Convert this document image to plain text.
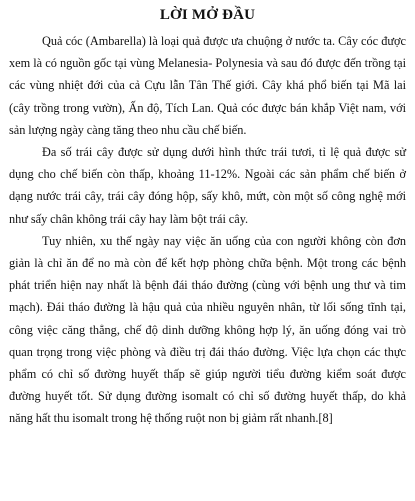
LỜI MỞ ĐẦU

Quả cóc (Ambarella) là loại quả được ưa chuộng ở nước ta. Cây cóc được xem là có nguồn gốc tại vùng Melanesia- Polynesia và sau đó được đến trồng tại các vùng nhiệt đới của cả Cựu lẫn Tân Thế giới. Cây khá phổ biến tại Mã lai (cây trồng trong vườn), Ấn độ, Tích Lan. Quả cóc được bán khắp Việt nam, với sản lượng ngày càng tăng theo nhu cầu chế biến.

Đa số trái cây được sử dụng dưới hình thức trái tươi, tỉ lệ quả được sử dụng cho chế biến còn thấp, khoảng 11-12%. Ngoài các sản phẩm chế biến ở dạng nước trái cây, trái cây đóng hộp, sấy khô, mứt, còn một số công nghệ mới như sấy chân không trái cây hay làm bột trái cây.

Tuy nhiên, xu thế ngày nay việc ăn uống của con người không còn đơn giản là chỉ ăn để no mà còn để kết hợp phòng chữa bệnh. Một trong các bệnh phát triển hiện nay nhất là bệnh đái tháo đường (cùng với bệnh ung thư và tim mạch). Đái tháo đường là hậu quả của nhiều nguyên nhân, từ lối sống tĩnh tại, công việc căng thẳng, chế độ dinh dưỡng không hợp lý, ăn uống đóng vai trò quan trọng trong việc phòng và điều trị đái tháo đường. Việc lựa chọn các thực phẩm có chỉ số đường huyết thấp sẽ giúp người tiểu đường kiểm soát được đường huyết tốt. Sử dụng đường isomalt có chỉ số đường huyết thấp, do khả năng hất thu isomalt trong hệ thống ruột non bị giảm rất nhanh.[8]
